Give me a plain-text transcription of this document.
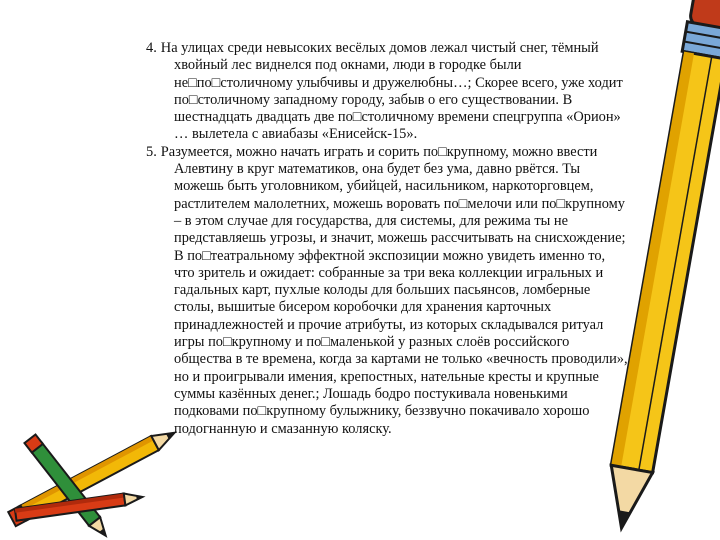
4. На улицах среди невысоких весёлых домов лежал чистый снег, тёмный хвойный лес виднелся под окнами, люди в городке были не□по□столичному улыбчивы и дружелюбны…; Скорее всего, уже ходит по□столичному западному городу, забыв о его существовании. В шестнадцать двадцать две по□столичному времени спецгруппа «Орион» … вылетела с авиабазы «Енисейск-15».

5. Разумеется, можно начать играть и сорить по□крупному, можно ввести Алевтину в круг математиков, она будет без ума, давно рвётся. Ты можешь быть уголовником, убийцей, насильником, наркоторговцем, растлителем малолетних, можешь воровать по□мелочи или по□крупному – в этом случае для государства, для системы, для режима ты не представляешь угрозы, и значит, можешь рассчитывать на снисхождение; В по□театральному эффектной экспозиции можно увидеть именно то, что зритель и ожидает: собранные за три века коллекции игральных и гадальных карт, пухлые колоды для больших пасьянсов, ломберные столы, вышитые бисером коробочки для хранения карточных принадлежностей и прочие атрибуты, из которых складывался ритуал игры по□крупному и по□маленькой у разных слоёв российского общества в те времена, когда за картами не только «вечность проводили», но и проигрывали имения, крепостных, нательные кресты и крупные суммы казённых денег.; Лошадь бодро постукивала новенькими подковами по□крупному булыжнику, беззвучно покачивало хорошо подогнанную и смазанную коляску.
